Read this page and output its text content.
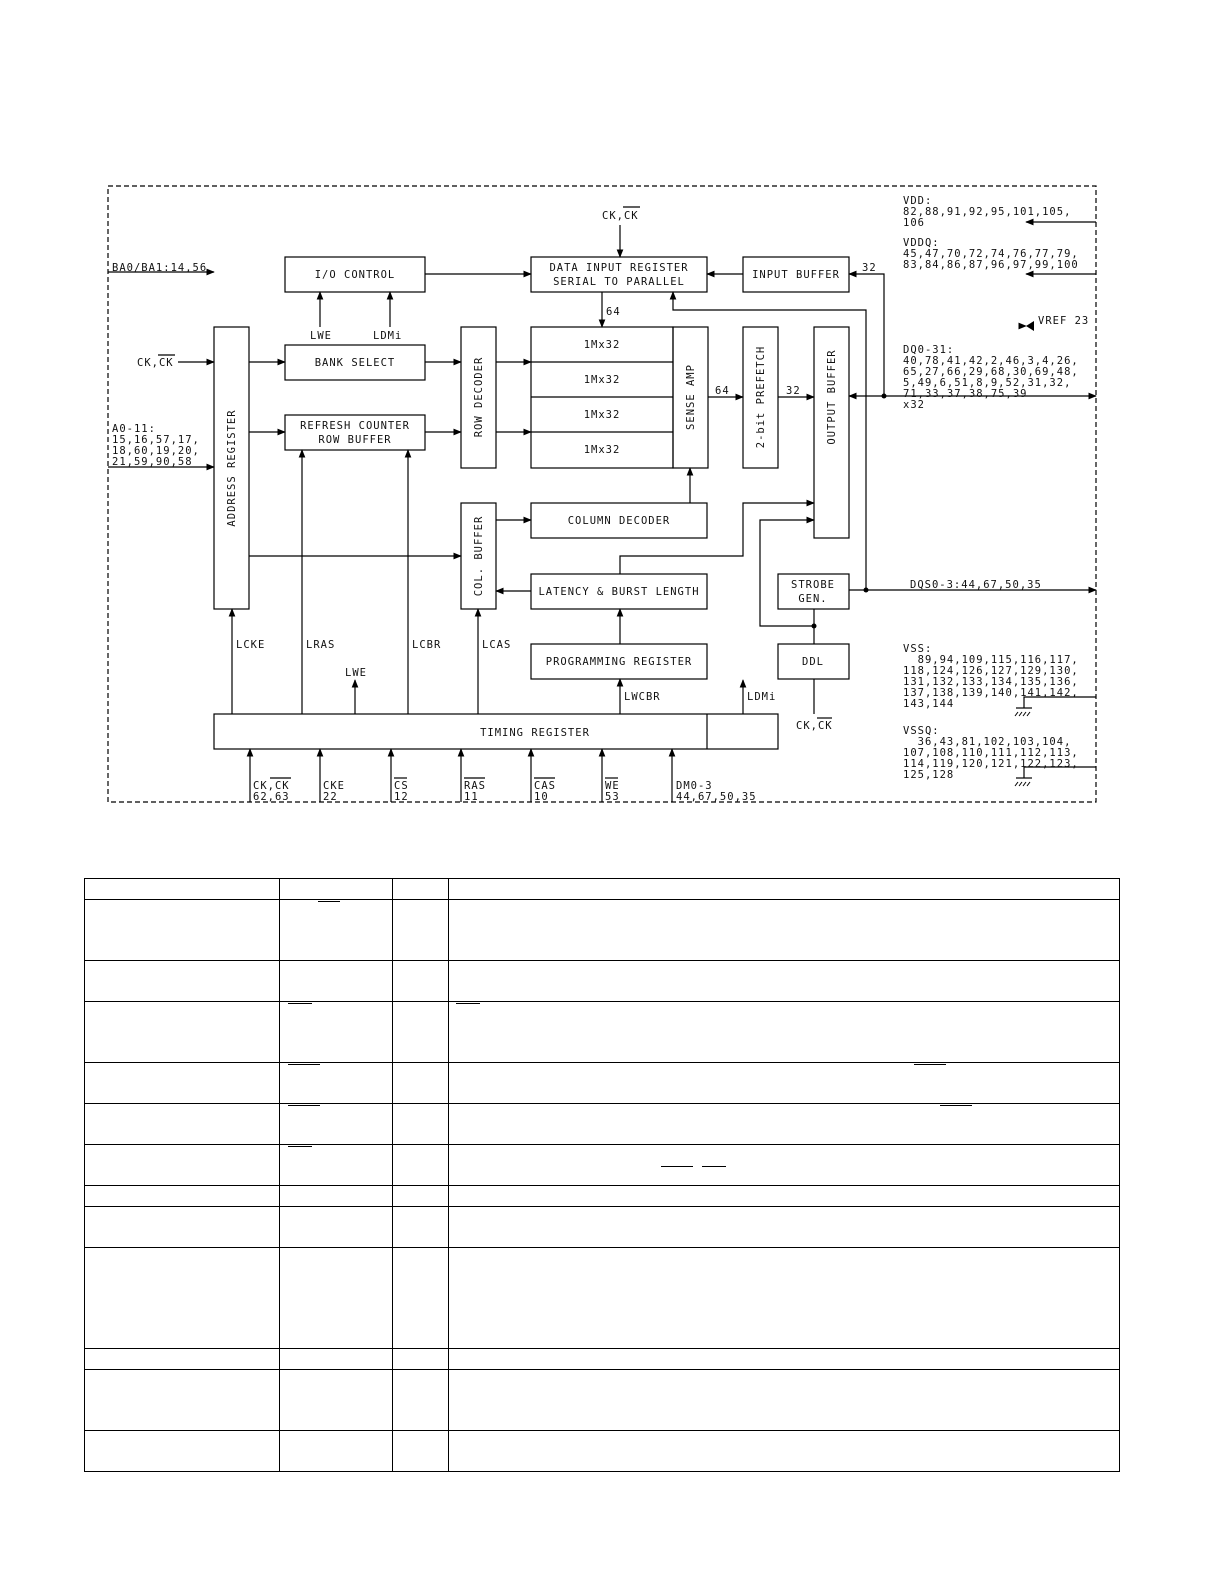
CK,CK
BA0/BA1:14,56
CK,CK
A0-11:
15,16,57,17,
18,60,19,20,
21,59,90,58
I/O CONTROL
DATA INPUT REGISTER
SERIAL TO PARALLEL
INPUT BUFFER
BANK SELECT
REFRESH COUNTER
ROW BUFFER
ADDRESS REGISTER
ROW DECODER
1Mx32
1Mx32
1Mx32
1Mx32
SENSE AMP	2-bit PREFETCH	OUTPUT BUFFER
COL. BUFFER	COLUMN DECODER
LATENCY & BURST LENGTH
PROGRAMMING REGISTER
STROBE
GEN.
DDL
TIMING REGISTER
LWE	LDMi
64
32
64	32
LCKE	LRAS	LCBR	LCAS
LWE
LWCBR	LDMi
CK,CK
CK,CK
62,63
CKE
22
CS
12
RAS
11
CAS
10
WE
53
DM0-3
44,67,50,35
VDD:
82,88,91,92,95,101,105,
106
VDDQ:
45,47,70,72,74,76,77,79,
83,84,86,87,96,97,99,100
VREF 23
DQ0-31:
40,78,41,42,2,46,3,4,26,
65,27,66,29,68,30,69,48,
5,49,6,51,8,9,52,31,32,
71,33,37,38,75,39
x32
DQS0-3:44,67,50,35
VSS:
89,94,109,115,116,117,
118,124,126,127,129,130,
131,132,133,134,135,136,
137,138,139,140,141,142,
143,144
VSSQ:
36,43,81,102,103,104,
107,108,110,111,112,113,
114,119,120,121,122,123,
125,128
